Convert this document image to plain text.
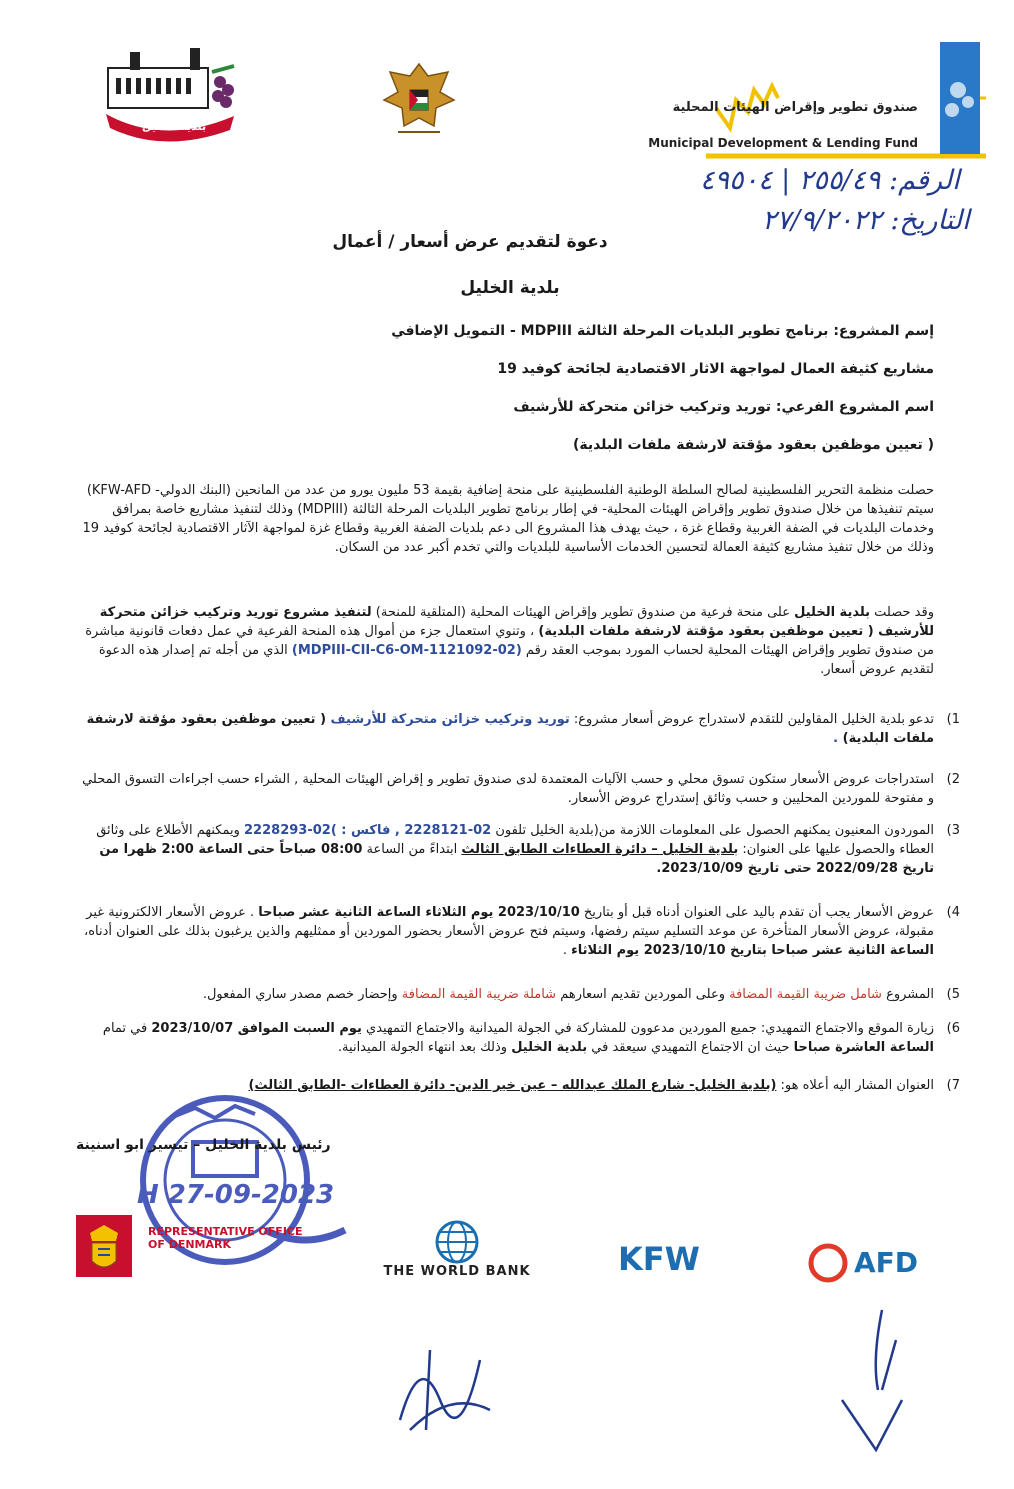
صندوق تطوير وإقراض الهيئات المحلية
Municipal Development & Lending Fund
بلدية الخليل
الرقم: ٢٥٥/٤٩ | ٤٩٥٠٤
التاريخ: ٢٧/٩/٢٠٢٢
دعوة لتقديم عرض أسعار / أعمال
بلدية الخليل
إسم المشروع: برنامج تطوير البلديات المرحلة الثالثة MDPIII - التمويل الإضافي
مشاريع كثيفة العمال لمواجهة الاثار الاقتصادية لجائحة كوفيد 19
اسم المشروع الفرعي: توريد وتركيب خزائن متحركة للأرشيف
( تعيين موظفين بعقود مؤقتة لارشفة ملفات البلدية)
حصلت منظمة التحرير الفلسطينية لصالح السلطة الوطنية الفلسطينية على منحة إضافية بقيمة 53 مليون يورو من عدد من المانحين (البنك الدولي- KFW-AFD) سيتم تنفيذها من خلال صندوق تطوير وإقراض الهيئات المحلية- في إطار برنامج تطوير البلديات المرحلة الثالثة (MDPIII) وذلك لتنفيذ مشاريع خاصة بمرافق وخدمات البلديات في الضفة الغربية وقطاع غزة ، حيث يهدف هذا المشروع الى دعم بلديات الضفة الغربية وقطاع غزة لمواجهة الآثار الاقتصادية لجائحة كوفيد 19 وذلك من خلال تنفيذ مشاريع كثيفة العمالة لتحسين الخدمات الأساسية للبلديات والتي تخدم أكبر عدد من السكان.
وقد حصلت بلدية الخليل على منحة فرعية من صندوق تطوير وإقراض الهيئات المحلية (المتلقية للمنحة) لتنفيذ مشروع توريد وتركيب خزائن متحركة للأرشيف ( تعيين موظفين بعقود مؤقتة لارشفة ملفات البلدية) ، وتنوي استعمال جزء من أموال هذه المنحة الفرعية في عمل دفعات قانونية مباشرة من صندوق تطوير وإقراض الهيئات المحلية لحساب المورد بموجب العقد رقم (MDPIII-CII-C6-OM-1121092-02) الذي من أجله تم إصدار هذه الدعوة لتقديم عروض أسعار.
1)
تدعو بلدية الخليل المقاولين للتقدم لاستدراج عروض أسعار مشروع: توريد وتركيب خزائن متحركة للأرشيف ( تعيين موظفين بعقود مؤقتة لارشفة ملفات البلدية) .
2)
استدراجات عروض الأسعار ستكون تسوق محلي و حسب الآليات المعتمدة لدى صندوق تطوير و إقراض الهيئات المحلية , الشراء حسب اجراءات التسوق المحلي و مفتوحة للموردين المحليين و حسب وثائق إستدراج عروض الأسعار.
3)
الموردون المعنيون يمكنهم الحصول على المعلومات اللازمة من(بلدية الخليل تلفون 02-2228121 , فاكس : )02-2228293 ويمكنهم الأطلاع على وثائق العطاء والحصول عليها على العنوان: بلدية الخليل – دائرة العطاءات الطابق الثالث ابتداءً من الساعة 08:00 صباحاً حتى الساعة 2:00 ظهرا من تاريخ 2022/09/28 حتى تاريخ 2023/10/09.
4)
عروض الأسعار يجب أن تقدم باليد على العنوان أدناه قبل أو بتاريخ 2023/10/10 يوم الثلاثاء الساعة الثانية عشر صباحا . عروض الأسعار الالكترونية غير مقبولة، عروض الأسعار المتأخرة عن موعد التسليم سيتم رفضها، وسيتم فتح عروض الأسعار بحضور الموردين أو ممثليهم والذين يرغبون بذلك على العنوان أدناه، الساعة الثانية عشر صباحا بتاريخ 2023/10/10 يوم الثلاثاء .
5)
المشروع شامل ضريبة القيمة المضافة وعلى الموردين تقديم اسعارهم شاملة ضريبة القيمة المضافة وإحضار خصم مصدر ساري المفعول.
6)
زيارة الموقع والاجتماع التمهيدي: جميع الموردين مدعوون للمشاركة في الجولة الميدانية والاجتماع التمهيدي يوم السبت الموافق 2023/10/07 في تمام الساعة العاشرة صباحا حيث ان الاجتماع التمهيدي سيعقد في بلدية الخليل وذلك بعد انتهاء الجولة الميدانية.
7)
العنوان المشار اليه أعلاه هو: (بلدية الخليل- شارع الملك عبدالله – عين خير الدين- دائرة العطاءات -الطابق الثالث)
H 27-09-2023
رئيس بلدية الخليل – تيسير ابو اسنينة
REPRESENTATIVE OFFICE
OF DENMARK
THE WORLD BANK	KFW	AFD
